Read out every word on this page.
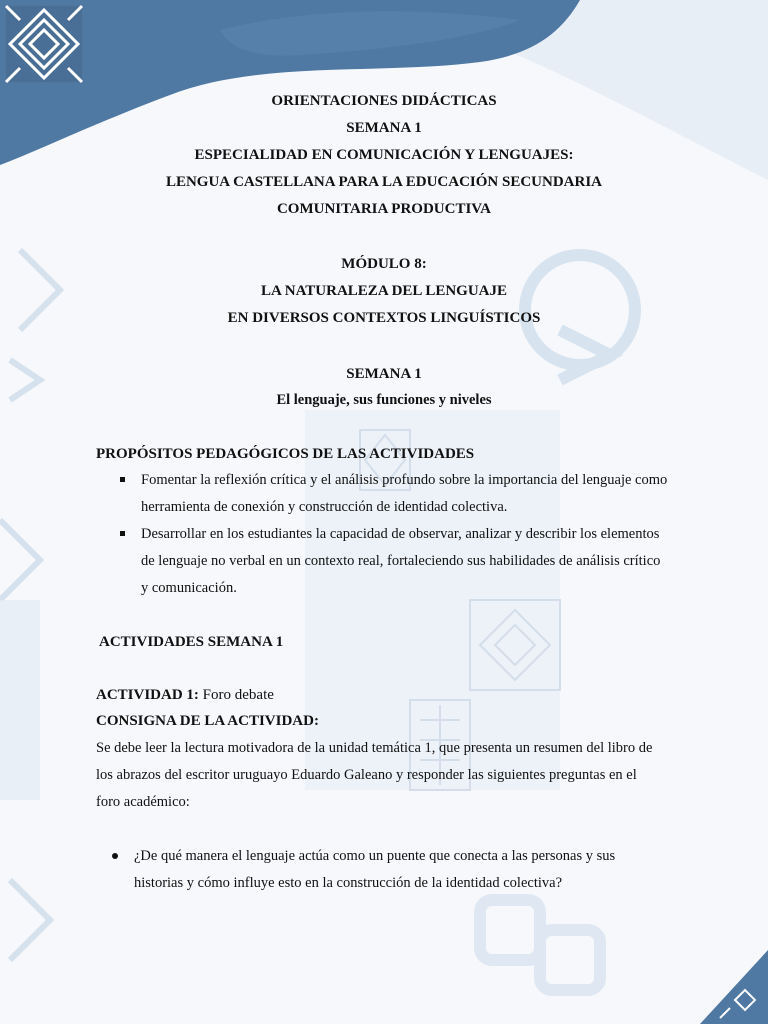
ORIENTACIONES DIDÁCTICAS
SEMANA 1
ESPECIALIDAD EN COMUNICACIÓN Y LENGUAJES:
LENGUA CASTELLANA PARA LA EDUCACIÓN SECUNDARIA
COMUNITARIA PRODUCTIVA
MÓDULO 8:
LA NATURALEZA DEL LENGUAJE
EN DIVERSOS CONTEXTOS LINGUÍSTICOS
SEMANA 1
El lenguaje, sus funciones y niveles
PROPÓSITOS PEDAGÓGICOS DE LAS ACTIVIDADES
Fomentar la reflexión crítica y el análisis profundo sobre la importancia del lenguaje como
herramienta de conexión y construcción de identidad colectiva.
Desarrollar en los estudiantes la capacidad de observar, analizar y describir los elementos
de lenguaje no verbal en un contexto real, fortaleciendo sus habilidades de análisis crítico
y comunicación.
ACTIVIDADES SEMANA 1
ACTIVIDAD 1: Foro debate
CONSIGNA DE LA ACTIVIDAD:
Se debe leer la lectura motivadora de la unidad temática 1, que presenta un resumen del libro de
los abrazos del escritor uruguayo Eduardo Galeano y responder las siguientes preguntas en el
foro académico:
¿De qué manera el lenguaje actúa como un puente que conecta a las personas y sus
historias y cómo influye esto en la construcción de la identidad colectiva?
